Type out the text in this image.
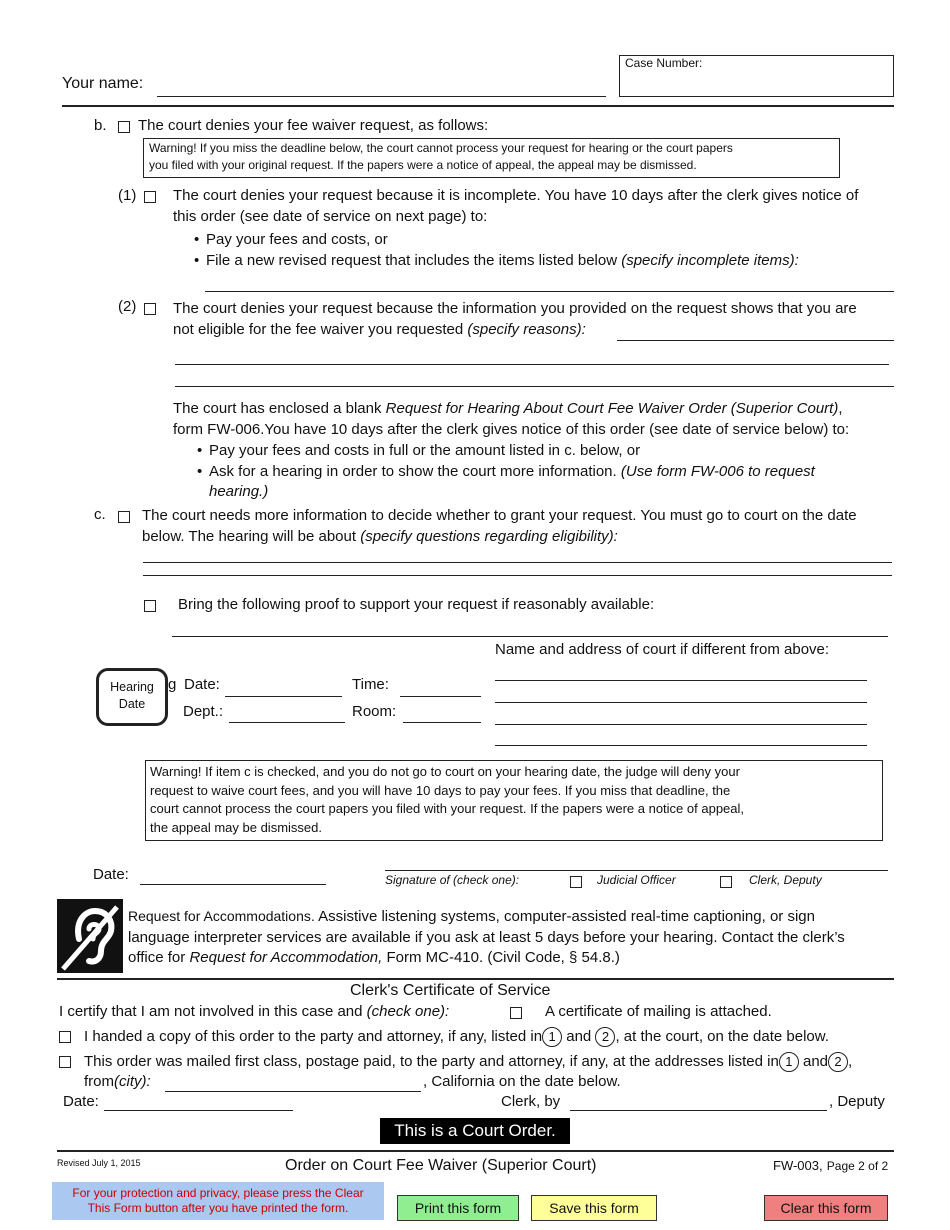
Your name:
Case Number:
b. The court denies your fee waiver request, as follows:
Warning! If you miss the deadline below, the court cannot process your request for hearing or the court papers
you filed with your original request. If the papers were a notice of appeal, the appeal may be dismissed.
(1) The court denies your request because it is incomplete. You have 10 days after the clerk gives notice of
this order (see date of service on next page) to:
• Pay your fees and costs, or
• File a new revised request that includes the items listed below (specify incomplete items):
(2) The court denies your request because the information you provided on the request shows that you are
not eligible for the fee waiver you requested (specify reasons):
The court has enclosed a blank Request for Hearing About Court Fee Waiver Order (Superior Court),
form FW-006.You have 10 days after the clerk gives notice of this order (see date of service below) to:
• Pay your fees and costs in full or the amount listed in c. below, or
• Ask for a hearing in order to show the court more information. (Use form FW-006 to request
hearing.)
c. The court needs more information to decide whether to grant your request. You must go to court on the date
below. The hearing will be about (specify questions regarding eligibility):
Bring the following proof to support your request if reasonably available:
Name and address of court if different from above:
Hearing
Date
g Date:	Time:
Dept.:	Room:
Warning! If item c is checked, and you do not go to court on your hearing date, the judge will deny your
request to waive court fees, and you will have 10 days to pay your fees. If you miss that deadline, the
court cannot process the court papers you filed with your request. If the papers were a notice of appeal,
the appeal may be dismissed.
Date:	Signature of (check one):	Judicial Officer	Clerk, Deputy
Request for Accommodations. Assistive listening systems, computer-assisted real-time captioning, or sign
language interpreter services are available if you ask at least 5 days before your hearing. Contact the clerk’s
office for Request for Accommodation, Form MC-410. (Civil Code, § 54.8.)
Clerk's Certificate of Service
I certify that I am not involved in this case and (check one):	A certificate of mailing is attached.
I handed a copy of this order to the party and attorney, if any, listed in 1 and 2 , at the court, on the date below.
This order was mailed first class, postage paid, to the party and attorney, if any, at the addresses listed in 1 and 2 ,
from(city):	, California on the date below.
Date:	Clerk, by	, Deputy
This is a Court Order.
Revised July 1, 2015	Order on Court Fee Waiver (Superior Court)	FW-003, Page 2 of 2
For your protection and privacy, please press the Clear
This Form button after you have printed the form.	Print this form	Save this form	Clear this form
